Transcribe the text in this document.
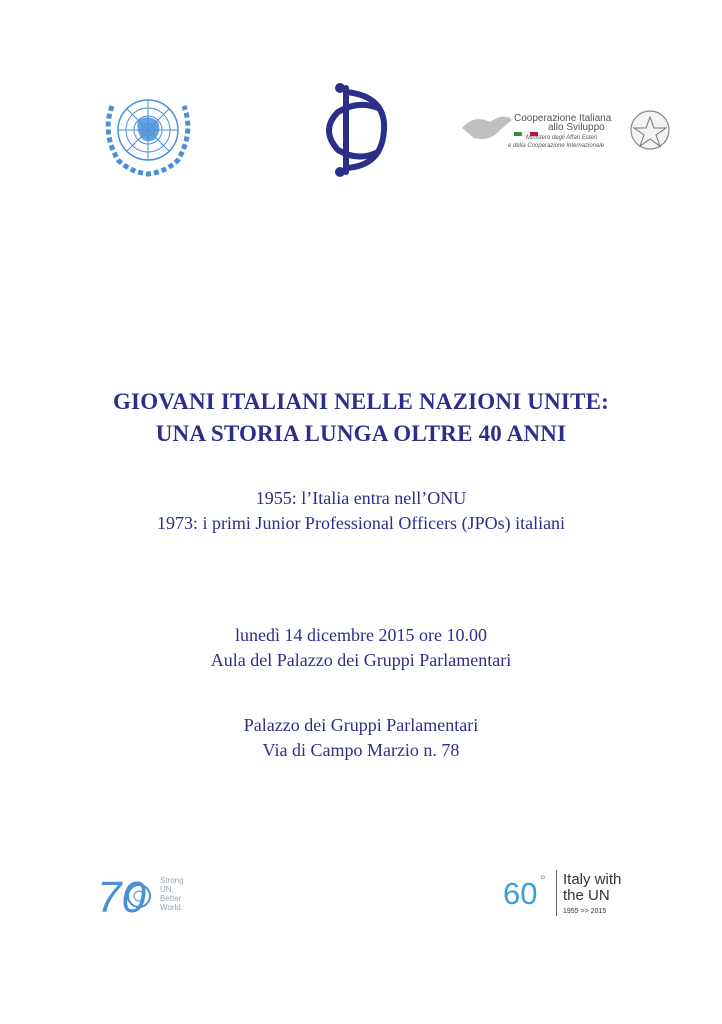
Cooperazione Italiana
allo Sviluppo
Ministero degli Affari Esteri
e della Cooperazione Internazionale
GIOVANI ITALIANI NELLE NAZIONI UNITE:
UNA STORIA LUNGA OLTRE 40 ANNI
1955: l’Italia entra nell’ONU
1973: i primi Junior Professional Officers (JPOs) italiani
lunedì 14 dicembre 2015 ore 10.00
Aula del Palazzo dei Gruppi Parlamentari
Palazzo dei Gruppi Parlamentari
Via di Campo Marzio n. 78
70 Strong
UN.
Better
World.	60 ° Italy with
the UN
1955 >> 2015
